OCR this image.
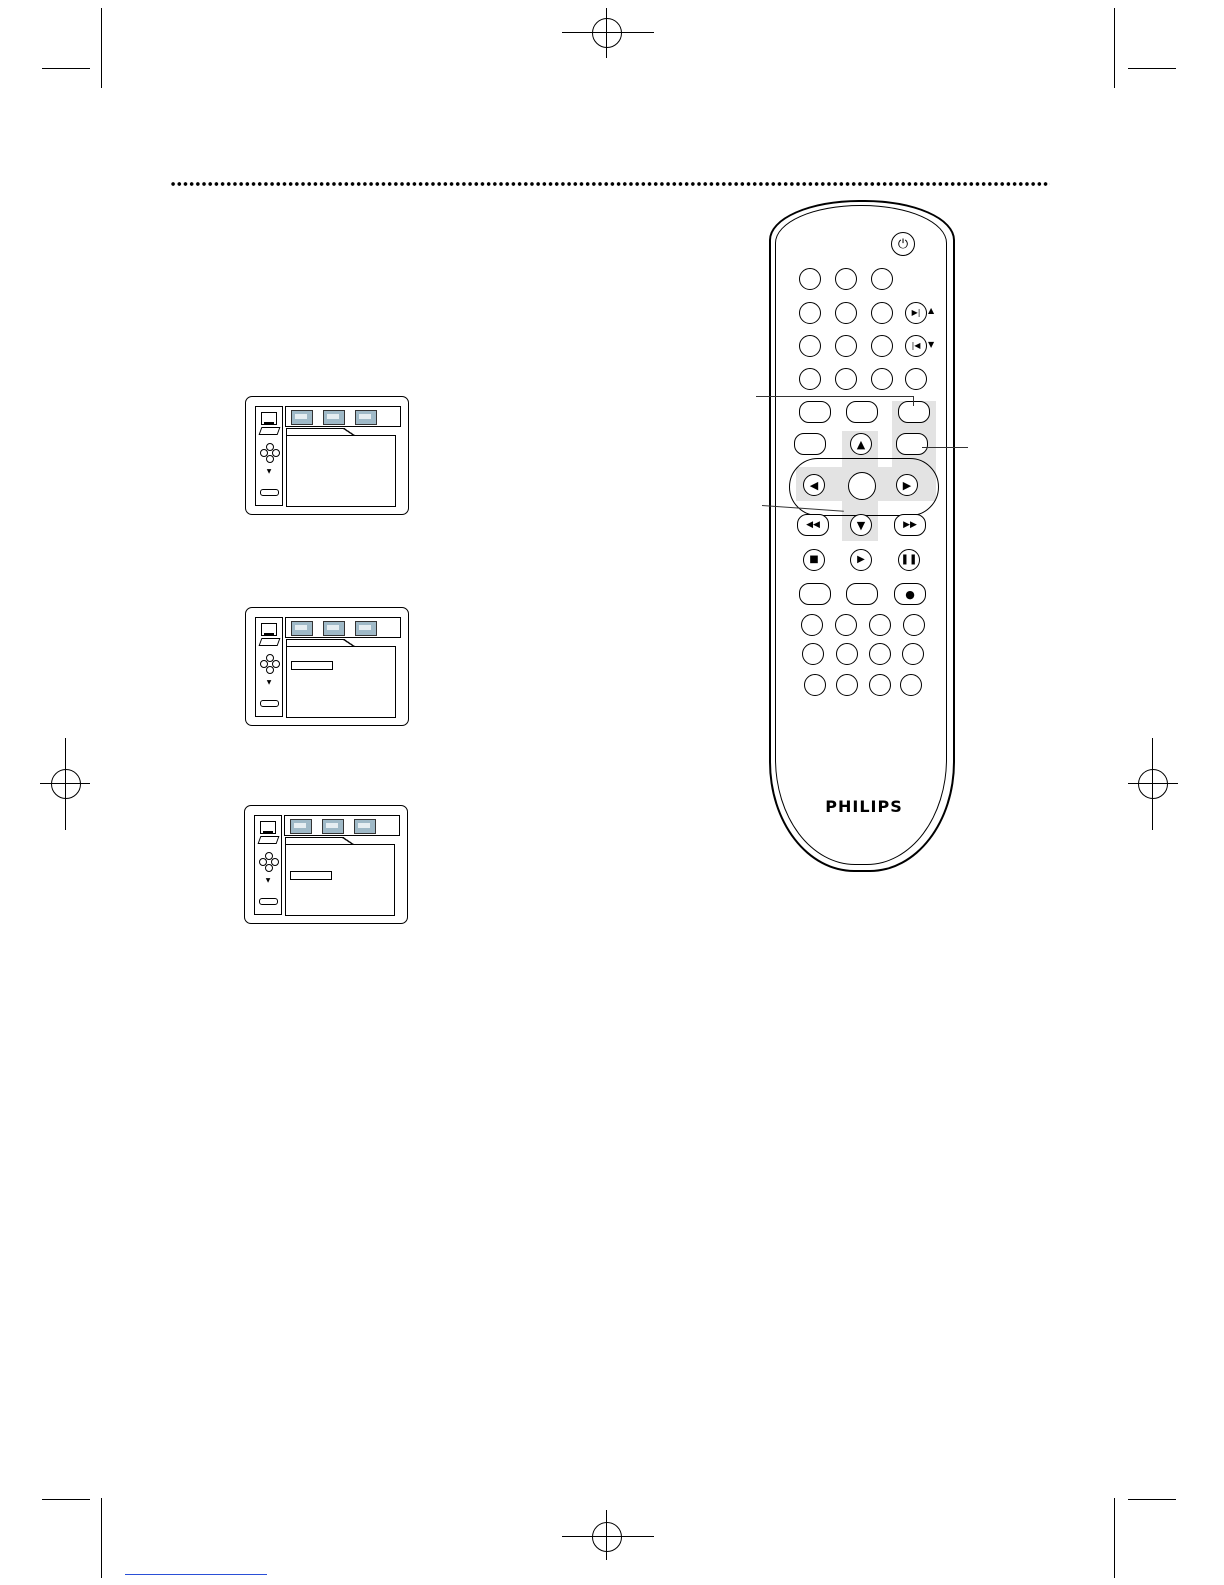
▼
▼
▼
⏻
▶| ▲
|◀ ▼
▲
◀	▶
▼
◀◀	▶▶
■	▶	❚❚
●
PHILIPS
